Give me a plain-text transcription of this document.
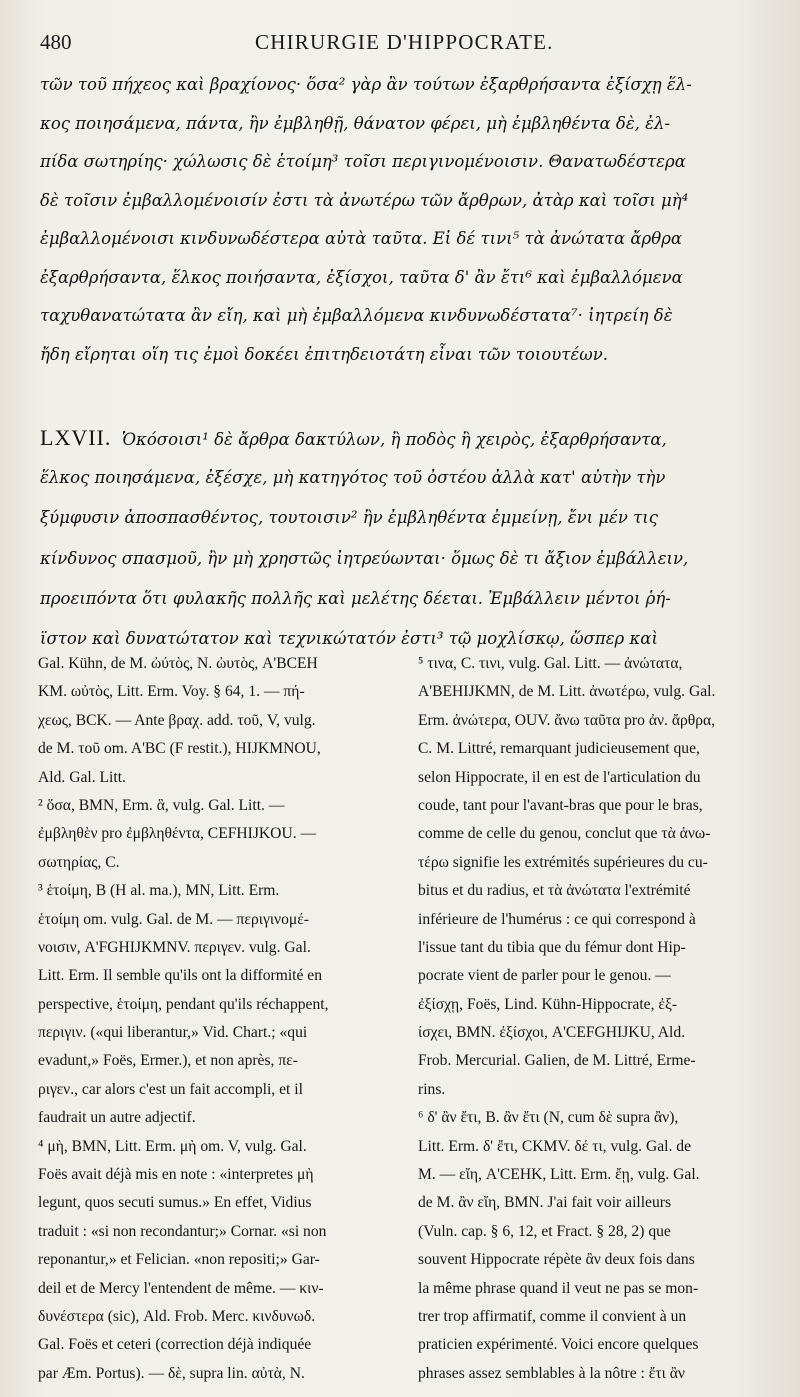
480	CHIRURGIE D'HIPPOCRATE.

τῶν τοῦ πήχεος καὶ βραχίονος· ὅσα² γὰρ ἂν τούτων ἐξαρθρήσαντα ἐξίσχῃ ἕλ-

κος ποιησάμενα, πάντα, ἢν ἐμβληθῇ, θάνατον φέρει, μὴ ἐμβληθέντα δὲ, ἐλ-

πίδα σωτηρίης· χώλωσις δὲ ἑτοίμη³ τοῖσι περιγινομένοισιν. Θανατωδέστερα

δὲ τοῖσιν ἐμβαλλομένοισίν ἐστι τὰ ἀνωτέρω τῶν ἄρθρων, ἀτὰρ καὶ τοῖσι μὴ⁴

ἐμβαλλομένοισι κινδυνωδέστερα αὐτὰ ταῦτα. Εἰ δέ τινι⁵ τὰ ἀνώτατα ἄρθρα

ἐξαρθρήσαντα, ἕλκος ποιήσαντα, ἐξίσχοι, ταῦτα δ' ἂν ἔτι⁶ καὶ ἐμβαλλόμενα

ταχυθανατώτατα ἂν εἴη, καὶ μὴ ἐμβαλλόμενα κινδυνωδέστατα⁷· ἰητρείη δὲ

ἤδη εἴρηται οἵη τις ἐμοὶ δοκέει ἐπιτηδειοτάτη εἶναι τῶν τοιουτέων.

LXVII. Ὁκόσοισι¹ δὲ ἄρθρα δακτύλων, ἢ ποδὸς ἢ χειρὸς, ἐξαρθρήσαντα,

ἕλκος ποιησάμενα, ἐξέσχε, μὴ κατηγότος τοῦ ὀστέου ἀλλὰ κατ' αὐτὴν τὴν

ξύμφυσιν ἀποσπασθέντος, τουτοισιν² ἢν ἐμβληθέντα ἐμμείνῃ, ἔνι μέν τις

κίνδυνος σπασμοῦ, ἢν μὴ χρηστῶς ἰητρεύωνται· ὅμως δὲ τι ἄξιον ἐμβάλλειν,

προειπόντα ὅτι φυλακῆς πολλῆς καὶ μελέτης δέεται. Ἐμβάλλειν μέντοι ῥή-

ϊστον καὶ δυνατώτατον καὶ τεχνικώτατόν ἐστι³ τῷ μοχλίσκῳ, ὥσπερ καὶ

Gal. Kühn, de M. ὠύτὸς, N. ὠυτὸς, A'BCEH

KM. ωὐτὸς, Litt. Erm. Voy. § 64, 1. — πή-

χεως, BCK. — Ante βραχ. add. τοῦ, V, vulg.

de M. τοῦ om. A'BC (F restit.), HIJKMNOU,

Ald. Gal. Litt.

² ὅσα, BMN, Erm. ἃ, vulg. Gal. Litt. —

ἐμβληθὲν pro ἐμβληθέντα, CEFHIJKOU. —

σωτηρίας, C.

³ ἑτοίμη, B (H al. ma.), MN, Litt. Erm.

ἑτοίμη om. vulg. Gal. de M. — περιγινομέ-

νοισιν, A'FGHIJKMNV. περιγεν. vulg. Gal.

Litt. Erm. Il semble qu'ils ont la difformité en

perspective, ἑτοίμη, pendant qu'ils réchappent,

περιγιν. («qui liberantur,» Vid. Chart.; «qui

evadunt,» Foës, Ermer.), et non après, πε-

ριγεν., car alors c'est un fait accompli, et il

faudrait un autre adjectif.

⁴ μὴ, BMN, Litt. Erm. μὴ om. V, vulg. Gal.

Foës avait déjà mis en note : «interpretes μὴ

legunt, quos secuti sumus.» En effet, Vidius

traduit : «si non recondantur;» Cornar. «si non

reponantur,» et Felician. «non repositi;» Gar-

deil et de Mercy l'entendent de même. — κιν-

δυνέστερα (sic), Ald. Frob. Merc. κινδυνωδ.

Gal. Foës et ceteri (correction déjà indiquée

par Æm. Portus). — δὲ, supra lin. αὐτὰ, N.

⁵ τινα, C. τινι, vulg. Gal. Litt. — ἀνώτατα,

A'BEHIJKMN, de M. Litt. ἀνωτέρω, vulg. Gal.

Erm. ἀνώτερα, OUV. ἄνω ταῦτα pro ἀν. ἄρθρα,

C. M. Littré, remarquant judicieusement que,

selon Hippocrate, il en est de l'articulation du

coude, tant pour l'avant-bras que pour le bras,

comme de celle du genou, conclut que τὰ ἀνω-

τέρω signifie les extrémités supérieures du cu-

bitus et du radius, et τὰ ἀνώτατα l'extrémité

inférieure de l'humérus : ce qui correspond à

l'issue tant du tibia que du fémur dont Hip-

pocrate vient de parler pour le genou. —

ἐξίσχῃ, Foës, Lind. Kühn-Hippocrate, ἐξ-

ίσχει, BMN. ἐξίσχοι, A'CEFGHIJKU, Ald.

Frob. Mercurial. Galien, de M. Littré, Erme-

rins.

⁶ δ' ἂν ἔτι, B. ἂν ἔτι (N, cum δὲ supra ἂν),

Litt. Erm. δ' ἔτι, CKMV. δέ τι, vulg. Gal. de

M. — εἴη, A'CEHK, Litt. Erm. ἔῃ, vulg. Gal.

de M. ἂν εἴη, BMN. J'ai fait voir ailleurs

(Vuln. cap. § 6, 12, et Fract. § 28, 2) que

souvent Hippocrate répète ἂν deux fois dans

la même phrase quand il veut ne pas se mon-

trer trop affirmatif, comme il convient à un

praticien expérimenté. Voici encore quelques

phrases assez semblables à la nôtre : ἔτι ἂν
